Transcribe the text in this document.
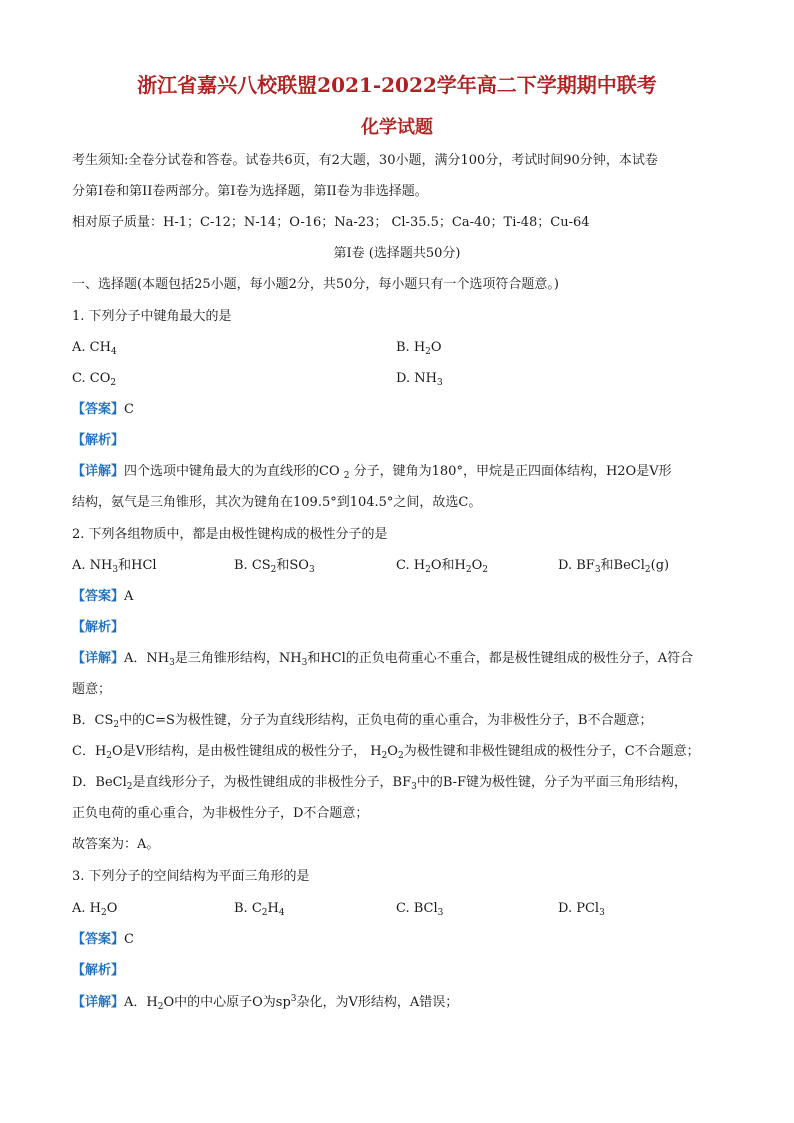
浙江省嘉兴八校联盟2021-2022学年高二下学期期中联考
化学试题
考生须知:全卷分试卷和答卷。试卷共6页，有2大题，30小题，满分100分，考试时间90分钟，本试卷
分第I卷和第II卷两部分。第I卷为选择题，第II卷为非选择题。
相对原子质量：H-1；C-12；N-14；O-16；Na-23； Cl-35.5；Ca-40；Ti-48；Cu-64
第Ⅰ卷 (选择题共50分)
一、选择题(本题包括25小题，每小题2分，共50分，每小题只有一个选项符合题意。)
1. 下列分子中键角最大的是
A. $CH_4$	B. $H_2O$
C. $CO_2$	D. $NH_3$
【答案】C
【解析】
【详解】四个选项中键角最大的为直线形的CO $_2$ 分子，键角为180°，甲烷是正四面体结构，H2O是V形
结构，氨气是三角锥形，其次为键角在109.5°到104.5°之间，故选C。
2. 下列各组物质中，都是由极性键构成的极性分子的是
A. $NH_3$和HCl	B. $CS_2$和$SO_3$	C. $H_2O$和$H_2O_2$	D. $BF_3$和BeCl$_2$(g)
【答案】A
【解析】
【详解】A．$NH_3$是三角锥形结构，$NH_3$和HCl的正负电荷重心不重合，都是极性键组成的极性分子，A符合
题意；
B．$CS_2$中的C=S为极性键，分子为直线形结构，正负电荷的重心重合，为非极性分子，B不合题意；
C．$H_2O$是V形结构，是由极性键组成的极性分子， $H_2O_2$为极性键和非极性键组成的极性分子，C不合题意；
D．BeCl$_2$是直线形分子，为极性键组成的非极性分子，$BF_3$中的B-F键为极性键，分子为平面三角形结构，
正负电荷的重心重合，为非极性分子，D不合题意；
故答案为：A。
3. 下列分子的空间结构为平面三角形的是
A. $H_2O$	B. $C_2H_4$	C. BCl$_3$	D. PCl$_3$
【答案】C
【解析】
【详解】A．$H_2O$中的中心原子O为$sp^3$杂化，为V形结构，A错误；
